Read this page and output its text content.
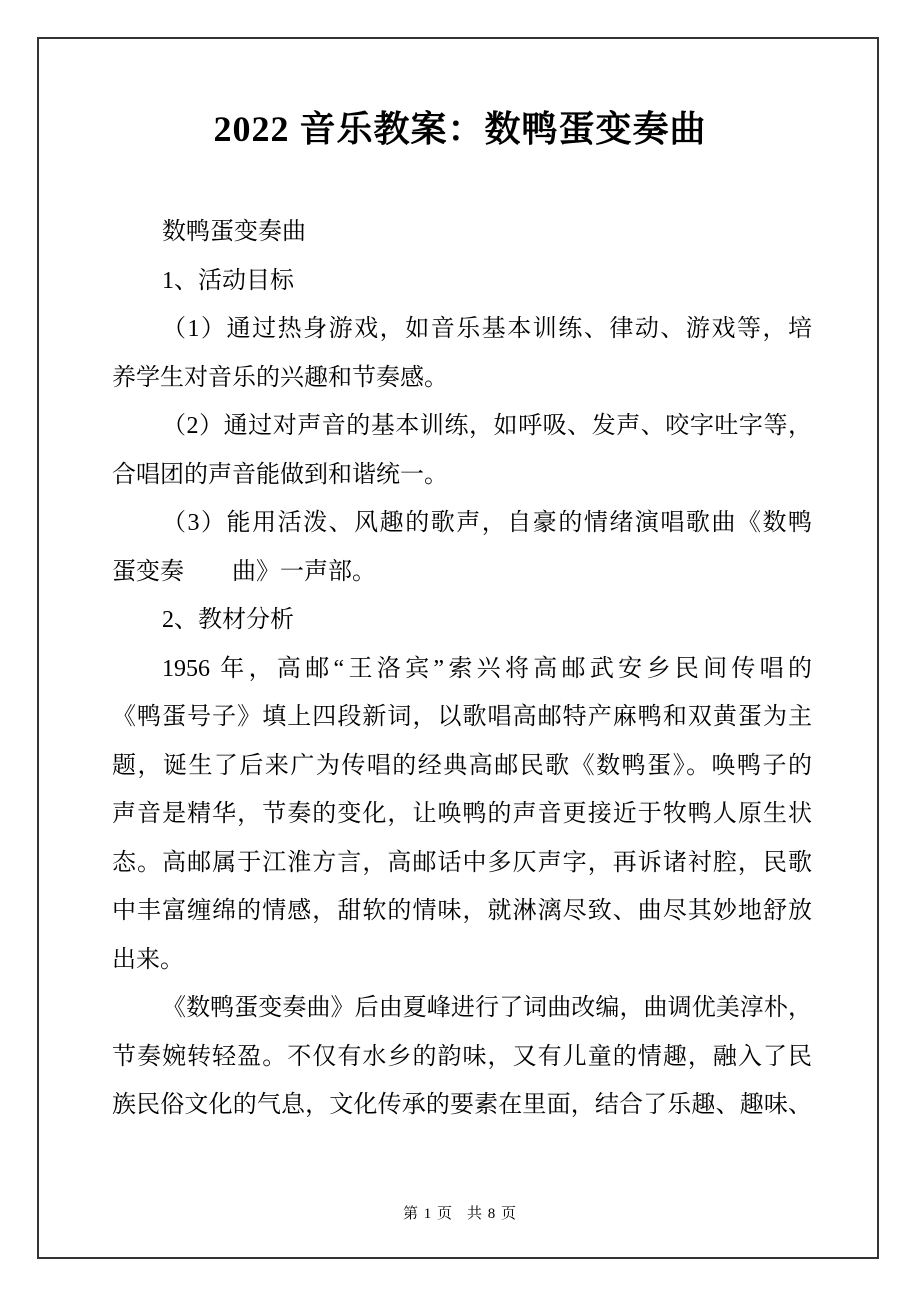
2022 音乐教案：数鸭蛋变奏曲
数鸭蛋变奏曲
1、活动目标
（1）通过热身游戏，如音乐基本训练、律动、游戏等，培
养学生对音乐的兴趣和节奏感。
（2）通过对声音的基本训练，如呼吸、发声、咬字吐字等，
合唱团的声音能做到和谐统一。
（3）能用活泼、风趣的歌声，自豪的情绪演唱歌曲《数鸭
蛋变奏　　曲》一声部。
2、教材分析
1956 年，高邮“王洛宾”索兴将高邮武安乡民间传唱的
《鸭蛋号子》填上四段新词，以歌唱高邮特产麻鸭和双黄蛋为主
题，诞生了后来广为传唱的经典高邮民歌《数鸭蛋》。唤鸭子的
声音是精华，节奏的变化，让唤鸭的声音更接近于牧鸭人原生状
态。高邮属于江淮方言，高邮话中多仄声字，再诉诸衬腔，民歌
中丰富缠绵的情感，甜软的情味，就淋漓尽致、曲尽其妙地舒放
出来。
《数鸭蛋变奏曲》后由夏峰进行了词曲改编，曲调优美淳朴，
节奏婉转轻盈。不仅有水乡的韵味，又有儿童的情趣，融入了民
族民俗文化的气息，文化传承的要素在里面，结合了乐趣、趣味、
第 1 页 共 8 页
